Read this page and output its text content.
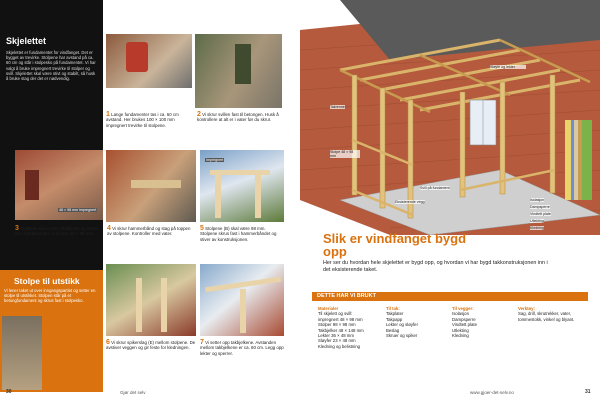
Skjelettet
Skjelettet er fundamentet for vindfanget. Det er bygget av trevirke. Stolpene har avstand på ca. 60 cm og står i stolpesko på fundamentet. Vi har valgt å bruke impregnert trevirke til stolper og svill. Skjelettet skal være stivt og stabilt, så husk å bruke stag der det er nødvendig.
Stolpe til utstikk
Vi lener taket ut over inngangspartiet og setter en stolpe til utstikket. Stolpen står på et betongfundament og skrus fast i stolpesko.
48 × 98 mm impregnert
Impregnert
1 Lange fundamenter tas i ca. 60 cm avstand. Her brukes 100 × 100 mm impregnert trevirke til stolpene.
2 Vi skrur svillen fast til betongen. Husk å kontrollere at alt er i vater før du skrur.
3 Stolpene skrus fast i stolpesko og settes inn i fundamentet. Vi bruker 48 × 98 mm.
4 Vi skrur hammerbånd og stag på toppen av stolpene. Kontroller med vater.
5 Stolpene (B) skal være 98 mm. Stolpene skrus fast i hammerbåndet og stiver av konstruksjonen.
6 Vi skrur spikerslag (E) mellom stolpene. De avstiver veggen og gir feste for kledningen.
7 Vi setter opp takbjelkene. Avstanden mellom takbjelkene er ca. 60 cm. Legg opp lekter og sperrer.
Sløyfe og lekter
Takrenne
Stolpe 48 × 98 mm
Eksisterende vegg
Svill på fundament
Isolasjon
Dampsperre
Vindtett plate
Utlekting
Kledning
Slik er vindfanget bygd opp
Her ser du hvordan hele skjelettet er bygd opp, og hvordan vi har bygd takkonstruksjonen inn i det eksisterende taket.
DETTE HAR VI BRUKT
Materialer
Til skjelett og svill:
impregnert 48 × 98 mm
Stolper 98 × 98 mm
Takbjelker 48 × 148 mm
Lekter 36 × 48 mm
Sløyfer 23 × 48 mm
Kledning og belistning
Til tak:
Takplater
Takpapp
Lekter og sløyfer
Beslag
Skruer og spiker
Til vegger:
Isolasjon
Dampsperre
Vindtett plate
Utlekting
Kledning
Verktøy:
Sag, drill, skrutrekker, vater, tommestokk, vinkel og blyant.
30	Gjør det selv	www.gjoer-det-selv.no	31
